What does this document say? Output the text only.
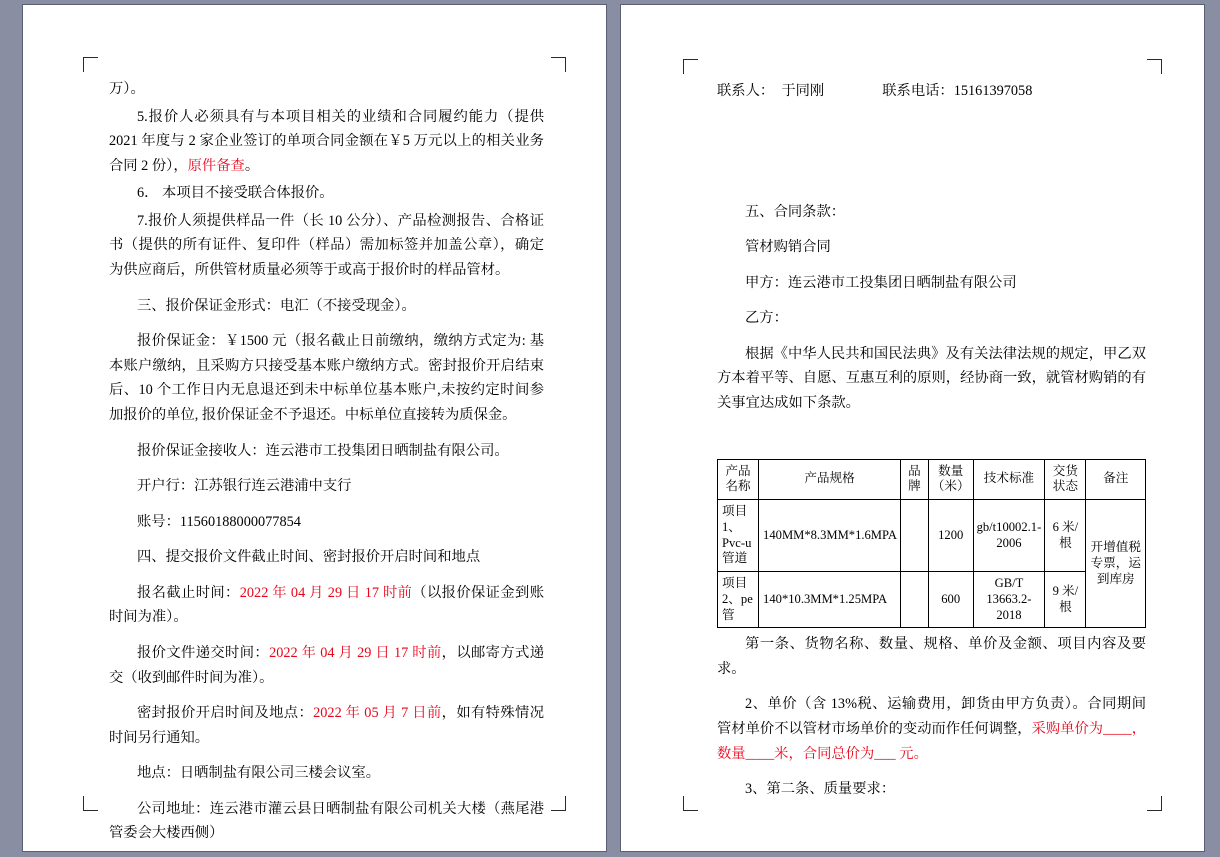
万）。

5.报价人必须具有与本项目相关的业绩和合同履约能力（提供 2021 年度与 2 家企业签订的单项合同金额在￥5 万元以上的相关业务合同 2 份），原件备查。

6． 本项目不接受联合体报价。

7.报价人须提供样品一件（长 10 公分）、产品检测报告、合格证书（提供的所有证件、复印件（样品）需加标签并加盖公章），确定为供应商后，所供管材质量必须等于或高于报价时的样品管材。

三、报价保证金形式：电汇（不接受现金）。

报价保证金：￥1500 元（报名截止日前缴纳，缴纳方式定为: 基本账户缴纳，且采购方只接受基本账户缴纳方式。密封报价开启结束后、10 个工作日内无息退还到未中标单位基本账户,未按约定时间参加报价的单位, 报价保证金不予退还。中标单位直接转为质保金。

报价保证金接收人：连云港市工投集团日晒制盐有限公司。

开户行：江苏银行连云港浦中支行

账号：11560188000077854

四、提交报价文件截止时间、密封报价开启时间和地点

报名截止时间：2022 年 04 月 29 日 17 时前（以报价保证金到账时间为准）。

报价文件递交时间：2022 年 04 月 29 日 17 时前，以邮寄方式递交（收到邮件时间为准）。

密封报价开启时间及地点：2022 年 05 月 7 日前，如有特殊情况时间另行通知。

地点：日晒制盐有限公司三楼会议室。

公司地址：连云港市灌云县日晒制盐有限公司机关大楼（燕尾港管委会大楼西侧）

联系人： 于同刚	联系电话：15161397058

五、合同条款：

管材购销合同

甲方：连云港市工投集团日晒制盐有限公司

乙方：

根据《中华人民共和国民法典》及有关法律法规的规定，甲乙双方本着平等、自愿、互惠互利的原则，经协商一致，就管材购销的有关事宜达成如下条款。

产品名称	产品规格	品牌	数量（米）	技术标准	交货状态	备注
项目 1、Pvc-u 管道	140MM*8.3MM*1.6MPA		1200	gb/t10002.1-2006	6 米/根	开增值税专票，运到库房
项目 2、pe 管	140*10.3MM*1.25MPA		600	GB/T 13663.2-2018	9 米/根	

第一条、货物名称、数量、规格、单价及金额、项目内容及要求。

2、单价（含 13%税、运输费用，卸货由甲方负责）。合同期间管材单价不以管材市场单价的变动而作任何调整，采购单价为____，数量____米，合同总价为___ 元。

3、第二条、质量要求：
